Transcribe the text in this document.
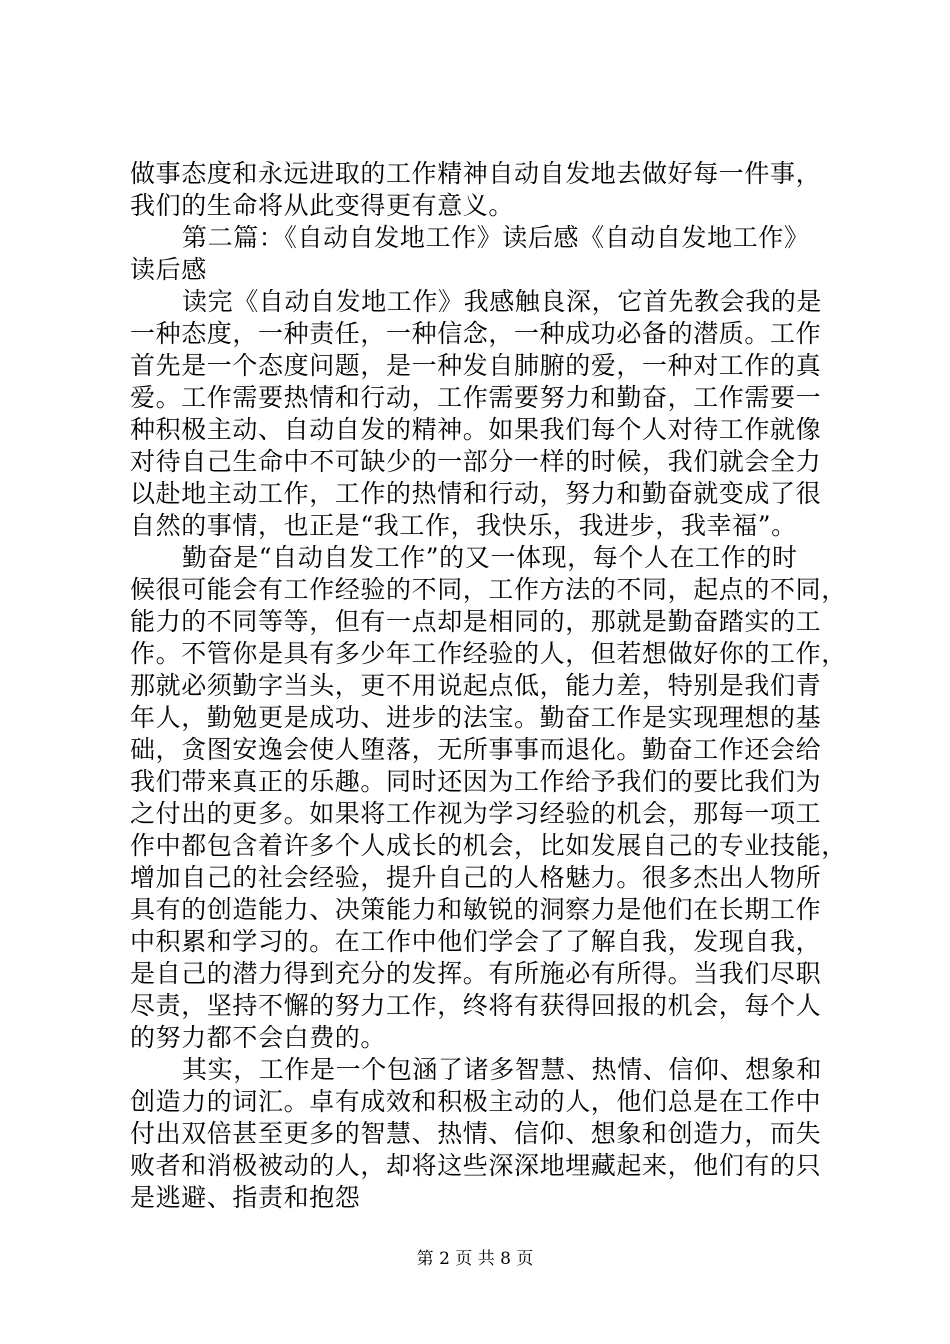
做事态度和永远进取的工作精神自动自发地去做好每一件事，
我们的生命将从此变得更有意义。
第二篇：《自动自发地工作》读后感《自动自发地工作》
读后感
读完《自动自发地工作》我感触良深，它首先教会我的是
一种态度，一种责任，一种信念，一种成功必备的潜质。工作
首先是一个态度问题，是一种发自肺腑的爱，一种对工作的真
爱。工作需要热情和行动，工作需要努力和勤奋，工作需要一
种积极主动、自动自发的精神。如果我们每个人对待工作就像
对待自己生命中不可缺少的一部分一样的时候，我们就会全力
以赴地主动工作，工作的热情和行动，努力和勤奋就变成了很
自然的事情，也正是“我工作，我快乐，我进步，我幸福”。
勤奋是“自动自发工作”的又一体现，每个人在工作的时
候很可能会有工作经验的不同，工作方法的不同，起点的不同，
能力的不同等等，但有一点却是相同的，那就是勤奋踏实的工
作。不管你是具有多少年工作经验的人，但若想做好你的工作，
那就必须勤字当头，更不用说起点低，能力差，特别是我们青
年人，勤勉更是成功、进步的法宝。勤奋工作是实现理想的基
础，贪图安逸会使人堕落，无所事事而退化。勤奋工作还会给
我们带来真正的乐趣。同时还因为工作给予我们的要比我们为
之付出的更多。如果将工作视为学习经验的机会，那每一项工
作中都包含着许多个人成长的机会，比如发展自己的专业技能，
增加自己的社会经验，提升自己的人格魅力。很多杰出人物所
具有的创造能力、决策能力和敏锐的洞察力是他们在长期工作
中积累和学习的。在工作中他们学会了了解自我，发现自我，
是自己的潜力得到充分的发挥。有所施必有所得。当我们尽职
尽责，坚持不懈的努力工作，终将有获得回报的机会，每个人
的努力都不会白费的。
其实，工作是一个包涵了诸多智慧、热情、信仰、想象和
创造力的词汇。卓有成效和积极主动的人，他们总是在工作中
付出双倍甚至更多的智慧、热情、信仰、想象和创造力，而失
败者和消极被动的人，却将这些深深地埋藏起来，他们有的只
是逃避、指责和抱怨
第 2 页 共 8 页
